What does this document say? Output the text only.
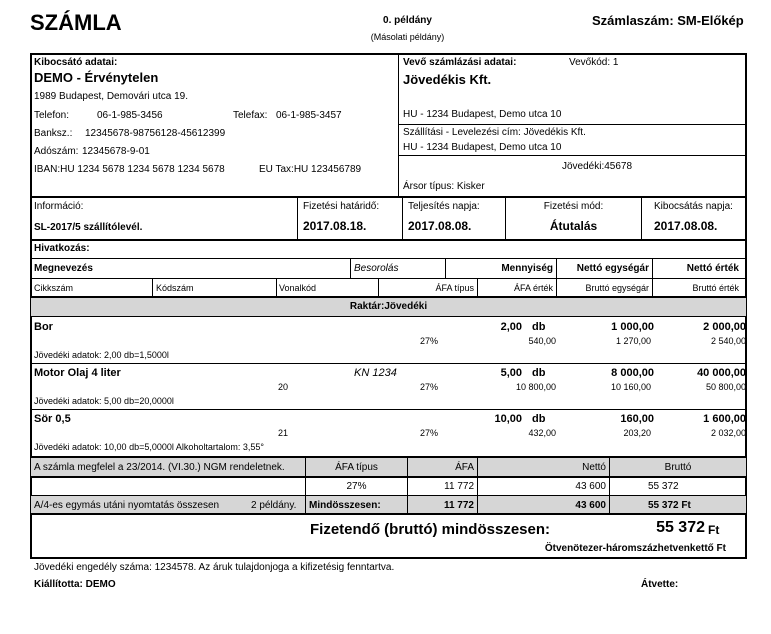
SZÁMLA	0. példány
(Másolati példány)
Számlaszám: SM-Előkép
Kibocsátó adatai:
DEMO - Érvénytelen
1989 Budapest, Demovári utca 19.
Telefon:	06-1-985-3456	Telefax: 06-1-985-3457
Banksz.: 12345678-98756128-45612399
Adószám: 12345678-9-01
IBAN:HU 1234 5678 1234 5678 1234 5678	EU Tax:HU 123456789
Vevő számlázási adatai:	Vevőkód: 1
Jövedékis Kft.
HU - 1234 Budapest, Demo utca 10
Szállítási - Levelezési cím: Jövedékis Kft.
HU - 1234 Budapest, Demo utca 10
Jövedéki:45678
Ársor típus: Kisker
Információ:
SL-2017/5 szállítólevél.
Fizetési határidő:
2017.08.18.
Teljesítés napja:
2017.08.08.
Fizetési mód:
Átutalás
Kibocsátás napja:
2017.08.08.
Hivatkozás:
Megnevezés	Besorolás	Mennyiség	Nettó egységár	Nettó érték
Cikkszám	Kódszám	Vonalkód	ÁFA típus	ÁFA érték	Bruttó egységár	Bruttó érték
Raktár:Jövedéki
Bor	2,00 db	1 000,00	2 000,00
27%	540,00	1 270,00	2 540,00
Jövedéki adatok: 2,00 db=1,5000l
Motor Olaj 4 liter	KN 1234	5,00 db	8 000,00	40 000,00
20	27%	10 800,00	10 160,00	50 800,00
Jövedéki adatok: 5,00 db=20,0000l
Sör 0,5	10,00 db	160,00	1 600,00
21	27%	432,00	203,20	2 032,00
Jövedéki adatok: 10,00 db=5,0000l Alkoholtartalom: 3,55°
A számla megfelel a 23/2014. (VI.30.) NGM rendeletnek.	ÁFA típus	ÁFA	Nettó	Bruttó
27%	11 772	43 600	55 372
A/4-es egymás utáni nyomtatás összesen	2 példány. Mindösszesen:	11 772	43 600	55 372 Ft
Fizetendő (bruttó) mindösszesen:	55 372 Ft
Ötvenötezer-háromszázhetvenkettő Ft
Jövedéki engedély száma: 1234578. Az áruk tulajdonjoga a kifizetésig fenntartva.
Kiállította: DEMO	Átvette:
